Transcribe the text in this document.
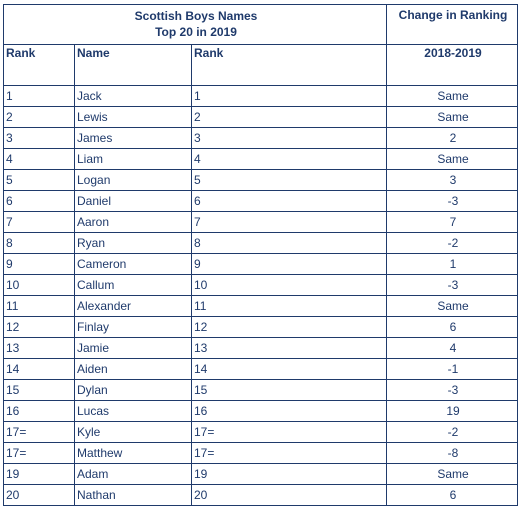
Scottish Boys Names
Top 20 in 2019			Change in Ranking
Rank	Name	Rank	2018-2019
1	Jack	1	Same
2	Lewis	2	Same
3	James	3	2
4	Liam	4	Same
5	Logan	5	3
6	Daniel	6	-3
7	Aaron	7	7
8	Ryan	8	-2
9	Cameron	9	1
10	Callum	10	-3
11	Alexander	11	Same
12	Finlay	12	6
13	Jamie	13	4
14	Aiden	14	-1
15	Dylan	15	-3
16	Lucas	16	19
17=	Kyle	17=	-2
17=	Matthew	17=	-8
19	Adam	19	Same
20	Nathan	20	6
